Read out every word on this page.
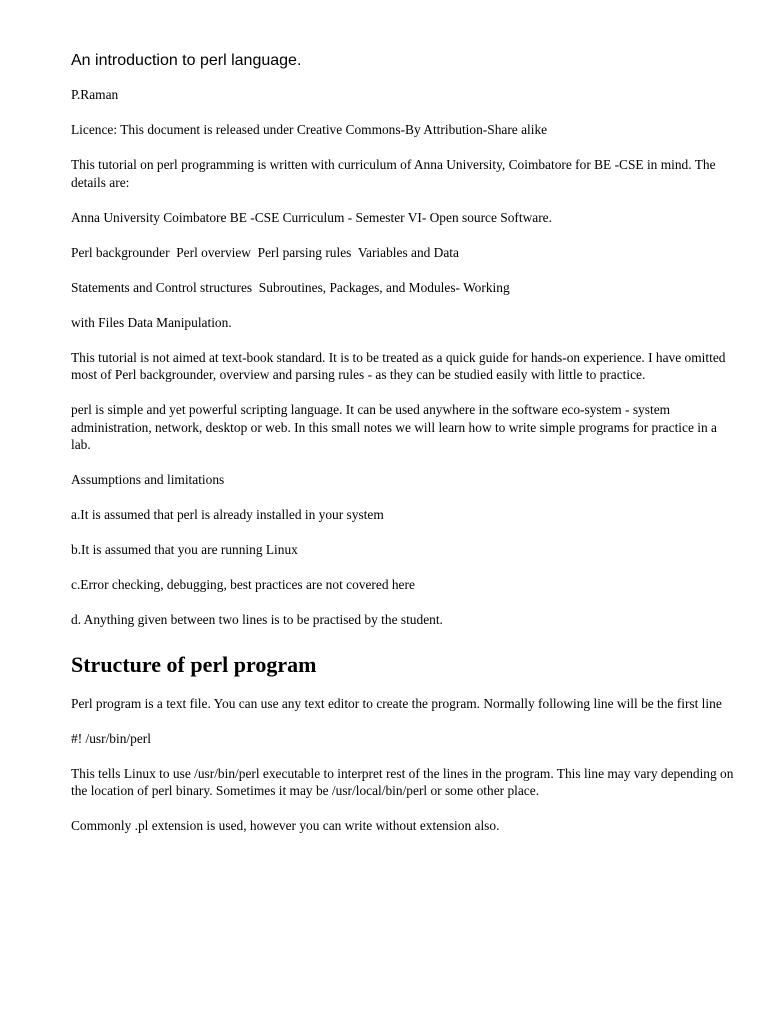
An introduction to perl language.

P.Raman

Licence: This document is released under Creative Commons-By Attribution-Share alike

This tutorial on perl programming is written with curriculum of Anna University, Coimbatore for BE -CSE in mind. The details are:

Anna University Coimbatore BE -CSE Curriculum - Semester VI- Open source Software.

Perl backgrounder  Perl overview  Perl parsing rules  Variables and Data

Statements and Control structures  Subroutines, Packages, and Modules- Working

with Files Data Manipulation.

This tutorial is not aimed at text-book standard. It is to be treated as a quick guide for hands-on experience. I have omitted most of Perl backgrounder, overview and parsing rules - as they can be studied easily with little to practice.

perl is simple and yet powerful scripting language. It can be used anywhere in the software eco-system - system administration, network, desktop or web. In this small notes we will learn how to write simple programs for practice in a lab.

Assumptions and limitations

a.It is assumed that perl is already installed in your system

b.It is assumed that you are running Linux

c.Error checking, debugging, best practices are not covered here

d. Anything given between two lines is to be practised by the student.

Structure of perl program

Perl program is a text file. You can use any text editor to create the program. Normally following line will be the first line

#! /usr/bin/perl

This tells Linux to use /usr/bin/perl executable to interpret rest of the lines in the program. This line may vary depending on the location of perl binary. Sometimes it may be /usr/local/bin/perl or some other place.

Commonly .pl extension is used, however you can write without extension also.
